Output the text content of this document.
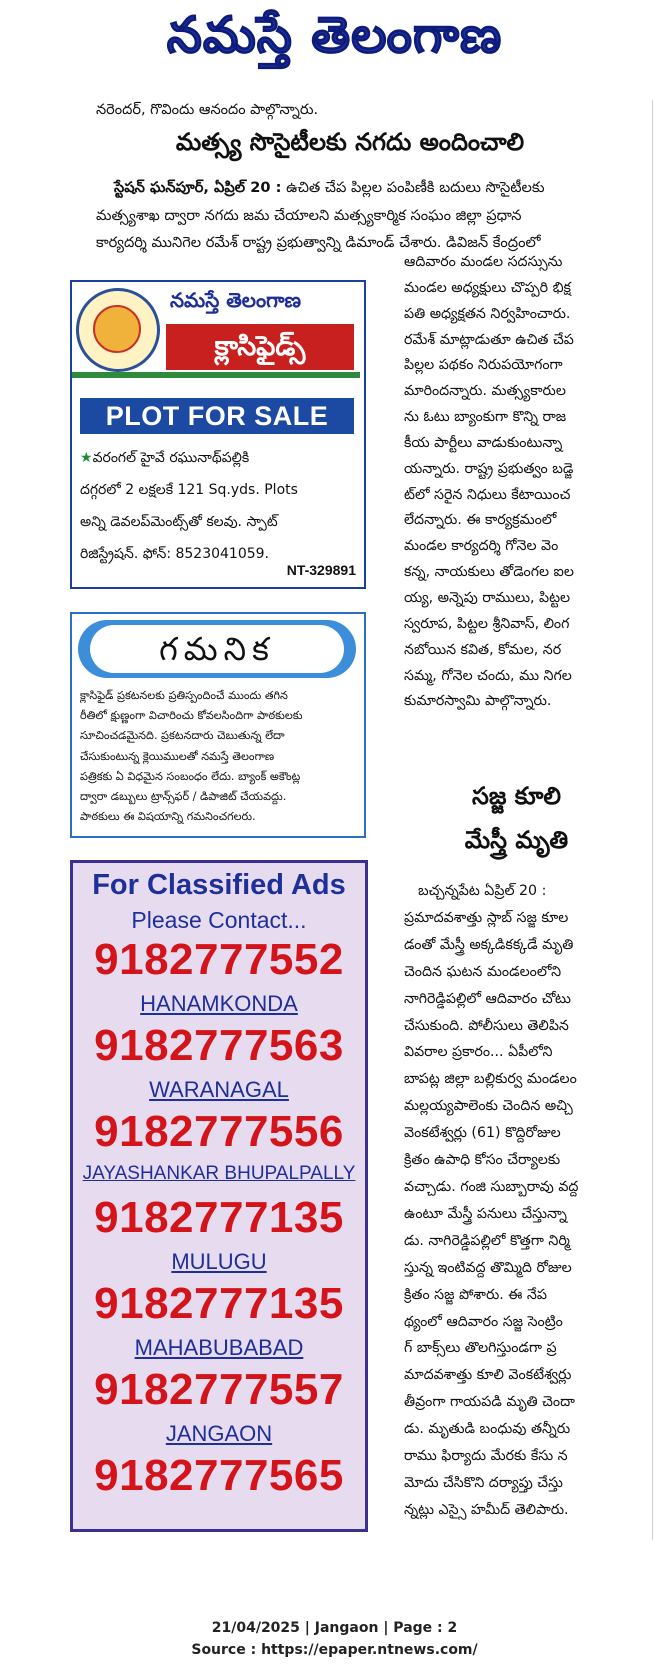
నమస్తే తెలంగాణ
నరెందర్, గొవిందు ఆనందం పాల్గొన్నారు.
మత్స్య సొసైటీలకు నగదు అందించాలి
స్టేషన్ ఘన్‌పూర్, ఏప్రిల్ 20 : ఉచిత చేప పిల్లల పంపిణీకి బదులు సొసైటీలకు
మత్స్యశాఖ ద్వారా నగదు జమ చేయాలని మత్స్యకార్మిక సంఘం జిల్లా ప్రధాన
కార్యదర్శి మునిగెల రమేశ్ రాష్ట్ర ప్రభుత్వాన్ని డిమాండ్ చేశారు. డివిజన్ కేంద్రంలో
ఆదివారం మండల సదస్సును
మండల అధ్యక్షులు చొప్పరి భిక్ష
పతి అధ్యక్షతన నిర్వహించారు.
రమేశ్ మాట్లాడుతూ ఉచిత చేప
పిల్లల పథకం నిరుపయోగంగా
మారిందన్నారు. మత్స్యకారుల
ను ఓటు బ్యాంకుగా కొన్ని రాజ
కీయ పార్టీలు వాడుకుంటున్నా
యన్నారు. రాష్ట్ర ప్రభుత్వం బడ్జె
ట్‌లో సరైన నిధులు కేటాయించ
లేదన్నారు. ఈ కార్యక్రమంలో
మండల కార్యదర్శి గోనెల వెం
కన్న, నాయకులు తోడెంగల ఐల
య్య, అన్నెపు రాములు, పిట్టల
స్వరూప, పిట్టల శ్రీనివాస్, లింగ
నబోయిన కవిత, కోమల, నర
సమ్మ, గోనెల చందు, ము నిగల
కుమారస్వామి పాల్గొన్నారు.
నమస్తే తెలంగాణ
క్లాసిఫైడ్స్
PLOT FOR SALE
★వరంగల్ హైవే రఘునాథ్‌పల్లికి
దగ్గరలో 2 లక్షలకే 121 Sq.yds. Plots
అన్ని డెవలప్‌మెంట్స్‌తో కలవు. స్పాట్
రిజిస్ట్రేషన్. ఫోన్: 8523041059.
NT-329891
గమనిక
క్లాసిఫైడ్ ప్రకటనలకు ప్రతిస్పందించే ముందు తగిన
రీతిలో క్షుణ్ణంగా విచారించు కోవలసిందిగా పాఠకులకు
సూచించడమైనది. ప్రకటనదారు చెబుతున్న లేదా
చేసుకుంటున్న క్లెయిములతో నమస్తే తెలంగాణ
పత్రికకు ఏ విధమైన సంబంధం లేదు. బ్యాంక్ అకౌంట్ల
ద్వారా డబ్బులు ట్రాన్స్‌ఫర్ / డిపాజిట్ చేయవద్దు.
పాఠకులు ఈ విషయాన్ని గమనించగలరు.
For Classified Ads
Please Contact...
9182777552
HANAMKONDA
9182777563
WARANAGAL
9182777556
JAYASHANKAR BHUPALPALLY
9182777135
MULUGU
9182777135
MAHABUBABAD
9182777557
JANGAON
9182777565
సజ్జ కూలి
మేస్త్రీ మృతి
బచ్చన్నపేట ఏప్రిల్ 20 :
ప్రమాదవశాత్తు స్లాబ్ సజ్జ కూల
డంతో మేస్త్రీ అక్కడికక్కడే మృతి
చెందిన ఘటన మండలంలోని
నాగిరెడ్డిపల్లిలో ఆదివారం చోటు
చేసుకుంది. పోలీసులు తెలిపిన
వివరాల ప్రకారం... ఏపీలోని
బాపట్ల జిల్లా బల్లికుర్వ మండలం
మల్లయ్యపాలెంకు చెందిన అచ్చి
వెంకటేశ్వర్లు (61) కొద్దిరోజుల
క్రితం ఉపాధి కోసం చేర్యాలకు
వచ్చాడు. గంజి సుబ్బారావు వద్ద
ఉంటూ మేస్త్రీ పనులు చేస్తున్నా
డు. నాగిరెడ్డిపల్లిలో కొత్తగా నిర్మి
స్తున్న ఇంటివద్ద తొమ్మిది రోజుల
క్రితం సజ్జ పోశారు. ఈ నేప
థ్యంలో ఆదివారం సజ్జ సెంట్రిం
గ్ బాక్స్‌లు తొలగిస్తుండగా ప్ర
మాదవశాత్తు కూలి వెంకటేశ్వర్లు
తీవ్రంగా గాయపడి మృతి చెందా
డు. మృతుడి బంధువు తన్నీరు
రాము ఫిర్యాదు మేరకు కేసు న
మోదు చేసికొని దర్యాప్తు చేస్తు
న్నట్లు ఎస్సై హమీద్ తెలిపారు.
21/04/2025 | Jangaon | Page : 2
Source : https://epaper.ntnews.com/
